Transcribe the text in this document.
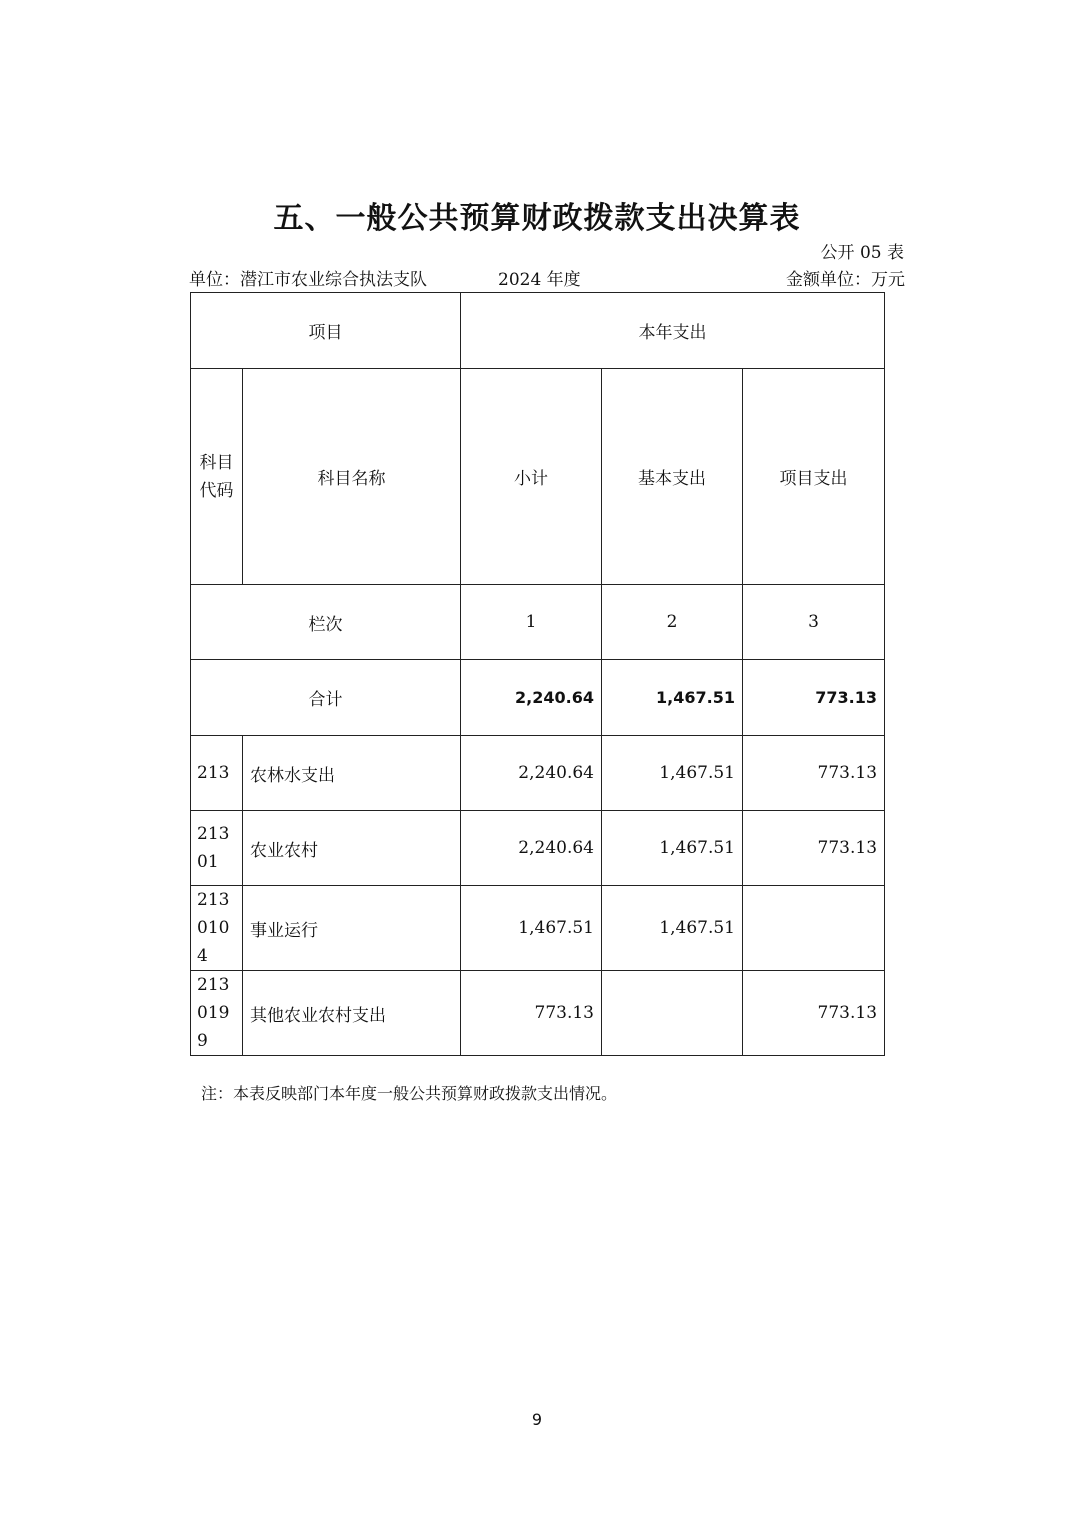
五、一般公共预算财政拨款支出决算表
公开 05 表
单位：潜江市农业综合执法支队	2024 年度	金额单位：万元
项目		本年支出		
科目代码	科目名称	小计	基本支出	项目支出
栏次		1	2	3
合计		2,240.64	1,467.51	773.13
213	农林水支出	2,240.64	1,467.51	773.13
21301	农业农村	2,240.64	1,467.51	773.13
2130104	事业运行	1,467.51	1,467.51	
2130199	其他农业农村支出	773.13		773.13
注：本表反映部门本年度一般公共预算财政拨款支出情况。
9
